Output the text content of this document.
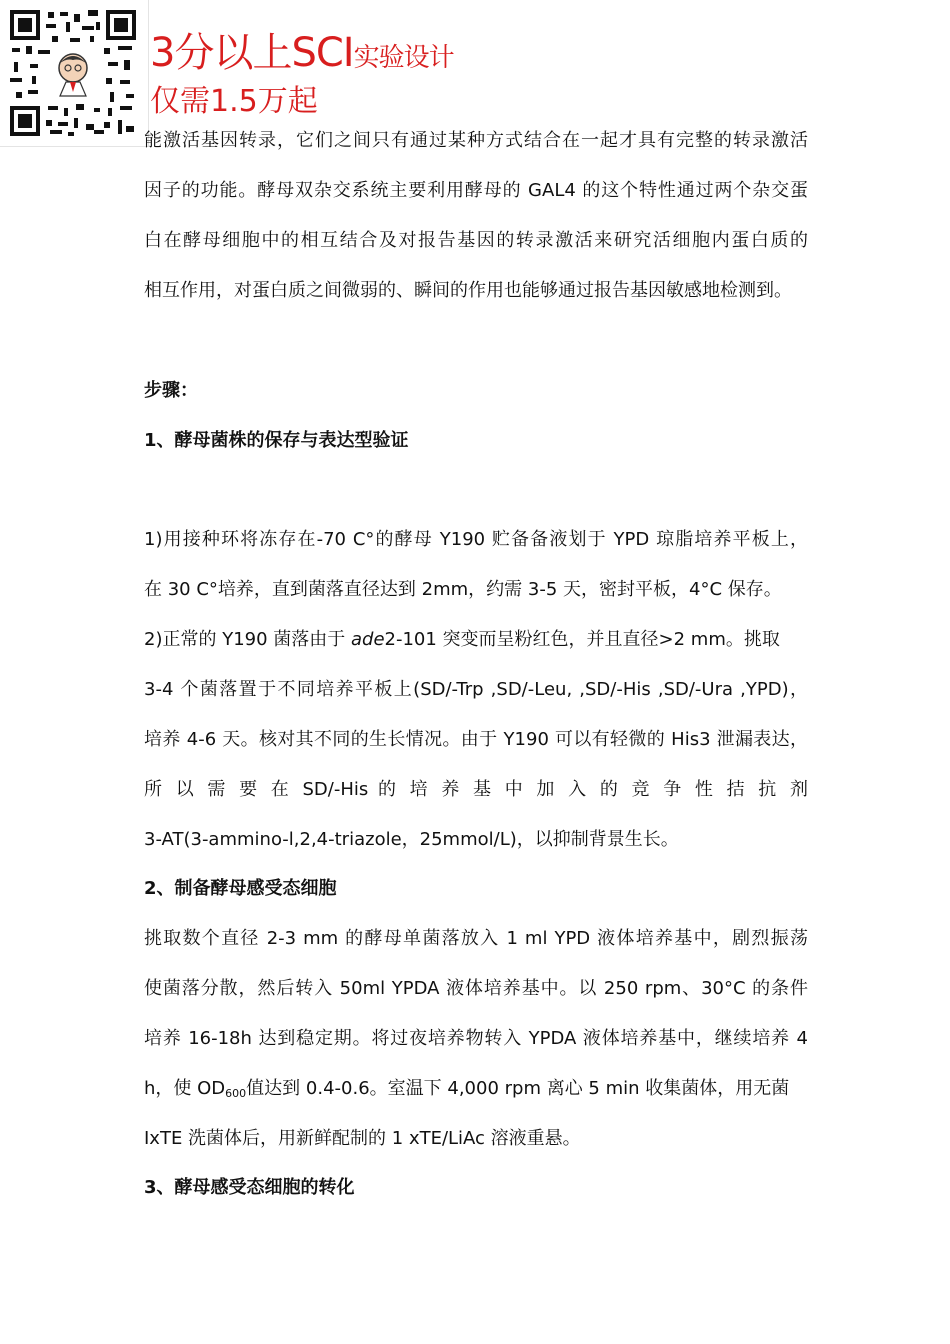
3分以上SCI实验设计
仅需1.5万起
能激活基因转录，它们之间只有通过某种方式结合在一起才具有完整的转录激活
因子的功能。酵母双杂交系统主要利用酵母的 GAL4 的这个特性通过两个杂交蛋
白在酵母细胞中的相互结合及对报告基因的转录激活来研究活细胞内蛋白质的
相互作用，对蛋白质之间微弱的、瞬间的作用也能够通过报告基因敏感地检测到。
步骤：
1、酵母菌株的保存与表达型验证
1)用接种环将冻存在-70 C°的酵母 Y190 贮备备液划于 YPD 琼脂培养平板上，
在 30 C°培养，直到菌落直径达到 2mm，约需 3-5 天，密封平板，4°C 保存。
2)正常的 Y190 菌落由于 ade2-101 突变而呈粉红色，并且直径>2 mm。挑取
3-4 个菌落置于不同培养平板上(SD/-Trp ,SD/-Leu, ,SD/-His ,SD/-Ura ,YPD)，
培养 4-6 天。核对其不同的生长情况。由于 Y190 可以有轻微的 His3 泄漏表达，
所 以 需 要 在 SD/-His 的 培 养 基 中 加 入 的 竞 争 性 拮 抗 剂
3-AT(3-ammino-l,2,4-triazole，25mmol/L)，以抑制背景生长。
2、制备酵母感受态细胞
挑取数个直径 2-3 mm 的酵母单菌落放入 1 ml YPD 液体培养基中，剧烈振荡
使菌落分散，然后转入 50ml YPDA 液体培养基中。以 250 rpm、30°C 的条件
培养 16-18h 达到稳定期。将过夜培养物转入 YPDA 液体培养基中，继续培养 4
h，使 $OD_{600}$值达到 0.4-0.6。室温下 4,000 rpm 离心 5 min 收集菌体，用无菌
IxTE 洗菌体后，用新鲜配制的 1 xTE/LiAc 溶液重悬。
3、酵母感受态细胞的转化
